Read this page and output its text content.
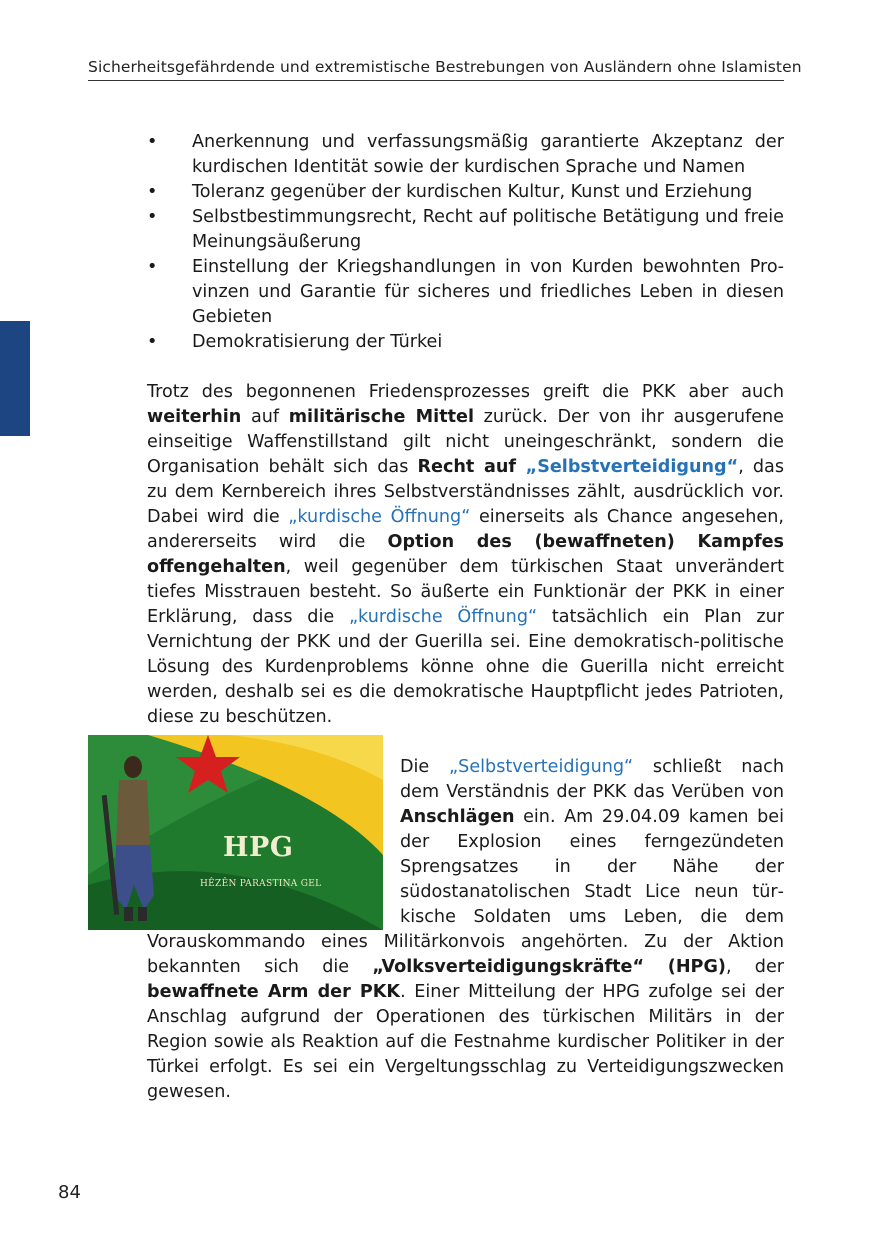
Sicherheitsgefährdende und extremistische Bestrebungen von Ausländern ohne Islamisten
• Anerkennung und verfassungsmäßig garantierte Akzeptanz der kurdischen Identität sowie der kurdischen Sprache und Namen
• Toleranz gegenüber der kurdischen Kultur, Kunst und Erziehung
• Selbstbestimmungsrecht, Recht auf politische Betätigung und freie Meinungsäußerung
• Einstellung der Kriegshandlungen in von Kurden bewohnten Provinzen und Garantie für sicheres und friedliches Leben in diesen Gebieten
• Demokratisierung der Türkei

Trotz des begonnenen Friedensprozesses greift die PKK aber auch weiterhin auf militärische Mittel zurück. Der von ihr ausgerufene einseitige Waffenstillstand gilt nicht uneingeschränkt, sondern die Organisation behält sich das Recht auf „Selbstverteidigung“, das zu dem Kernbereich ihres Selbstverständnisses zählt, ausdrücklich vor. Dabei wird die „kurdische Öffnung“ einerseits als Chance angesehen, andererseits wird die Option des (bewaffneten) Kampfes offengehalten, weil gegenüber dem türkischen Staat unverändert tiefes Misstrauen besteht. So äußerte ein Funktionär der PKK in einer Erklärung, dass die „kurdische Öffnung“ tatsächlich ein Plan zur Vernichtung der PKK und der Guerilla sei. Eine demokratisch-politische Lösung des Kurdenproblems könne ohne die Guerilla nicht erreicht werden, deshalb sei es die demokratische Hauptpflicht jedes Patrioten, diese zu beschützen.

HPG
HÊZÊN PARASTINA GEL

Die „Selbstverteidigung“ schließt nach dem Verständnis der PKK das Verüben von Anschlägen ein. Am 29.04.09 kamen bei der Explosion eines ferngezündeten Sprengsatzes in der Nähe der südostanatolischen Stadt Lice neun türkische Soldaten ums Leben, die dem Vorauskommando eines Militärkonvois angehörten. Zu der Aktion bekannten sich die „Volksverteidigungskräfte“ (HPG), der bewaffnete Arm der PKK. Einer Mitteilung der HPG zufolge sei der Anschlag aufgrund der Operationen des türkischen Militärs in der Region sowie als Reaktion auf die Festnahme kurdischer Politiker in der Türkei erfolgt. Es sei ein Vergeltungsschlag zu Verteidigungszwecken gewesen.

84
